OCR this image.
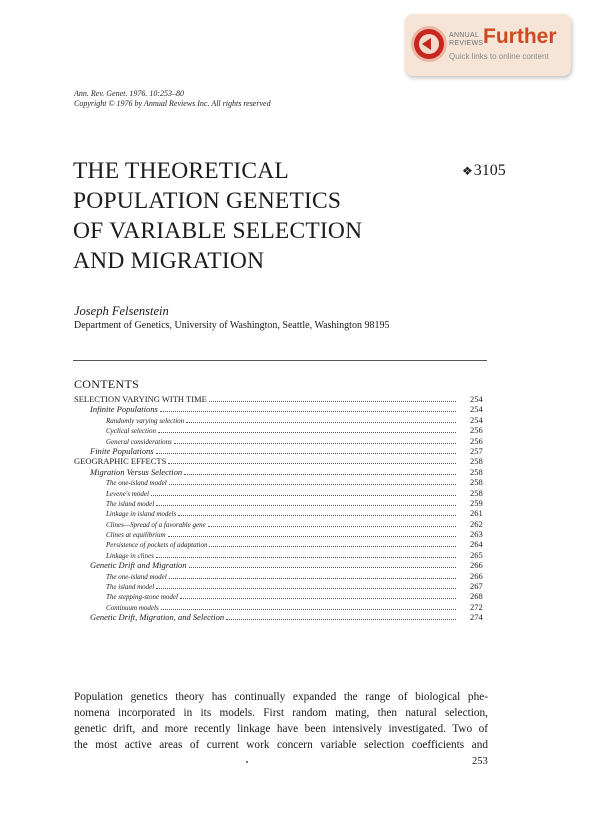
ANNUAL
REVIEWS Further
Quick links to online content
Ann. Rev. Genet. 1976. 10:253–80
Copyright © 1976 by Annual Reviews Inc. All rights reserved
THE THEORETICAL
POPULATION GENETICS
OF VARIABLE SELECTION
AND MIGRATION
❖3105
Joseph Felsenstein
Department of Genetics, University of Washington, Seattle, Washington 98195
CONTENTS
SELECTION VARYING WITH TIME	254
Infinite Populations	254
Randomly varying selection	254
Cyclical selection	256
General considerations	256
Finite Populations	257
GEOGRAPHIC EFFECTS	258
Migration Versus Selection	258
The one-island model	258
Levene's model	258
The island model	259
Linkage in island models	261
Clines—Spread of a favorable gene	262
Clines at equilibrium	263
Persistence of pockets of adaptation	264
Linkage in clines	265
Genetic Drift and Migration	266
The one-island model	266
The island model	267
The stepping-stone model	268
Continuum models	272
Genetic Drift, Migration, and Selection	274
Population genetics theory has continually expanded the range of biological phe-
nomena incorporated in its models. First random mating, then natural selection,
genetic drift, and more recently linkage have been intensively investigated. Two of
the most active areas of current work concern variable selection coefficients and
253
